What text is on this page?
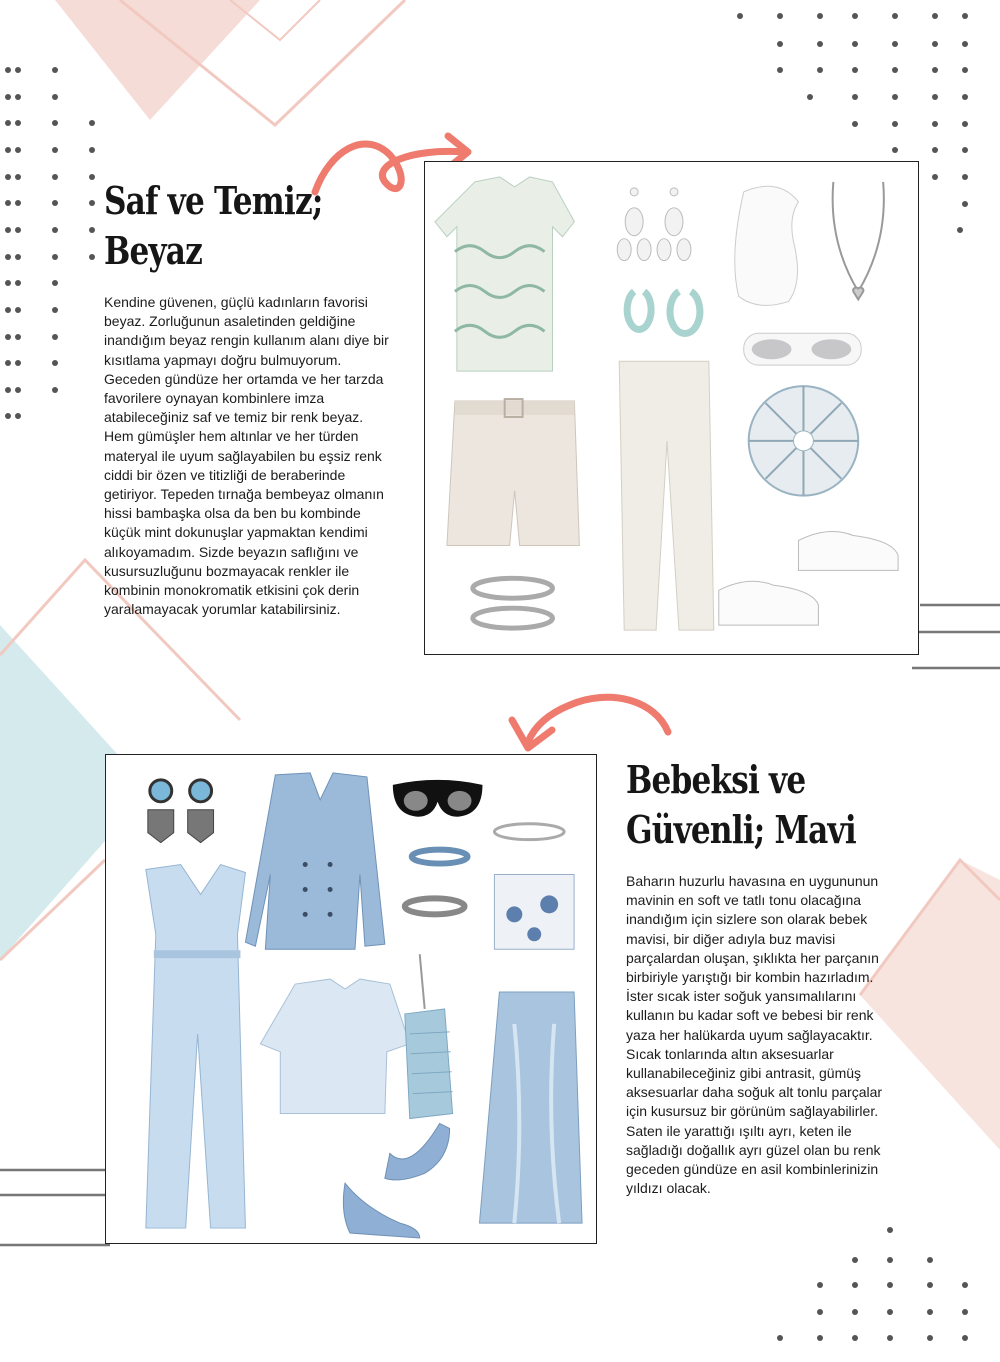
Saf ve Temiz;
Beyaz

Kendine güvenen, güçlü kadınların favorisi beyaz. Zorluğunun asaletinden geldiğine inandığım beyaz rengin kullanım alanı diye bir kısıtlama yapmayı doğru bulmuyorum. Geceden gündüze her ortamda ve her tarzda favorilere oynayan kombinlere imza atabileceğiniz saf ve temiz bir renk beyaz. Hem gümüşler hem altınlar ve her türden materyal ile uyum sağlayabilen bu eşsiz renk ciddi bir özen ve titizliği de beraberinde getiriyor. Tepeden tırnağa bembeyaz olmanın hissi bambaşka olsa da ben bu kombinde küçük mint dokunuşlar yapmaktan kendimi alıkoyamadım. Sizde beyazın saflığını ve kusursuzluğunu bozmayacak renkler ile kombinin monokromatik etkisini çok derin yaralamayacak yorumlar katabilirsiniz.

Bebeksi ve
Güvenli; Mavi

Baharın huzurlu havasına en uygununun mavinin en soft ve tatlı tonu olacağına inandığım için sizlere son olarak bebek mavisi, bir diğer adıyla buz mavisi parçalardan oluşan, şıklıkta her parçanın birbiriyle yarıştığı bir kombin hazırladım. İster sıcak ister soğuk yansımalılarını kullanın bu kadar soft ve bebesi bir renk yaza her halükarda uyum sağlayacaktır. Sıcak tonlarında altın aksesuarlar kullanabileceğiniz gibi antrasit, gümüş aksesuarlar daha soğuk alt tonlu parçalar için kusursuz bir görünüm sağlayabilirler. Saten ile yarattığı ışıltı ayrı, keten ile sağladığı doğallık ayrı güzel olan bu renk geceden gündüze en asil kombinlerinizin yıldızı olacak.
